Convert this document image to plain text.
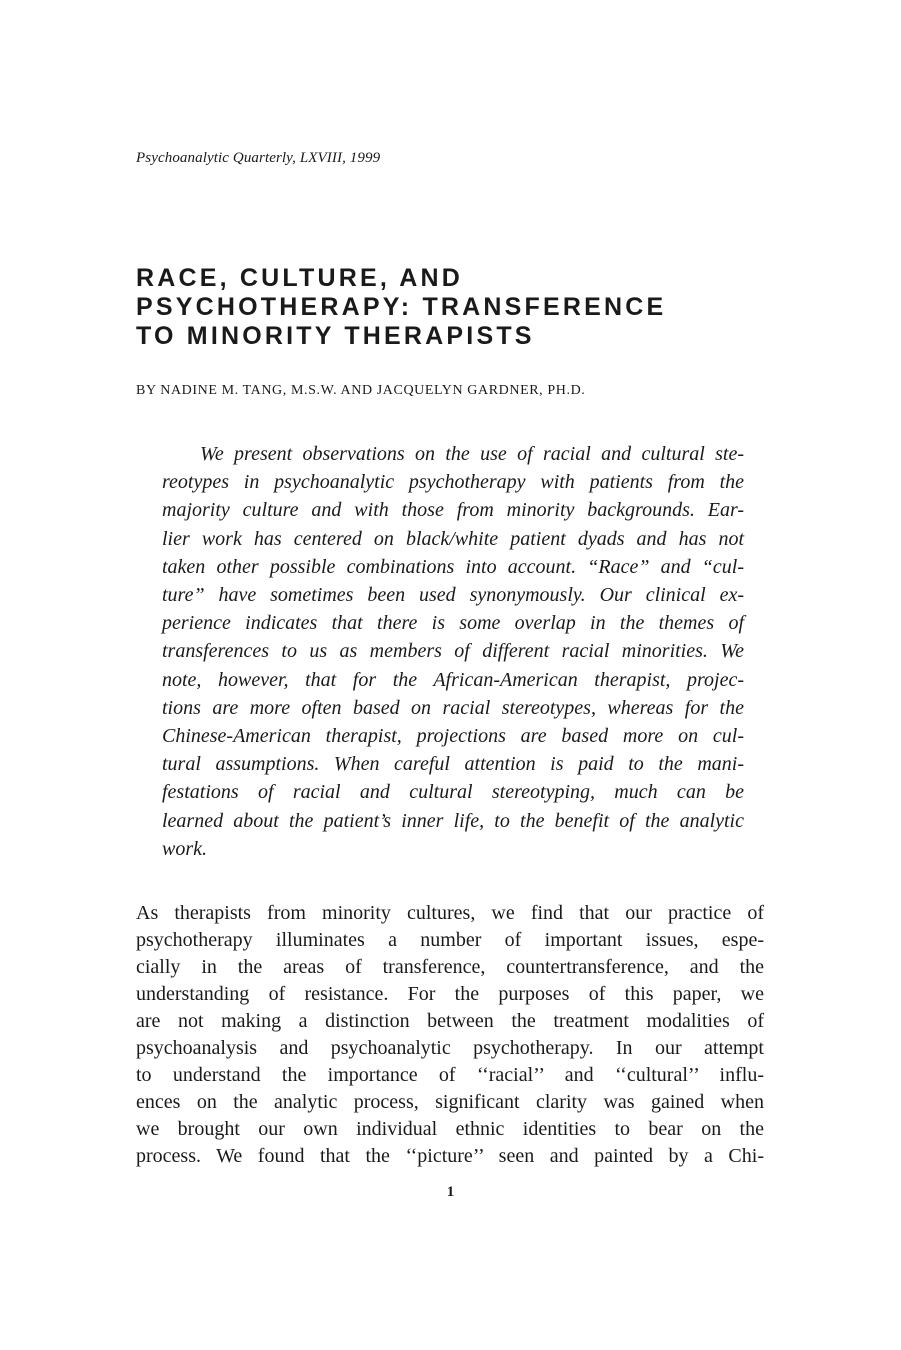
Psychoanalytic Quarterly, LXVIII, 1999
RACE, CULTURE, AND
PSYCHOTHERAPY: TRANSFERENCE
TO MINORITY THERAPISTS
BY NADINE M. TANG, M.S.W. AND JACQUELYN GARDNER, PH.D.
We present observations on the use of racial and cultural ste-
reotypes in psychoanalytic psychotherapy with patients from the
majority culture and with those from minority backgrounds. Ear-
lier work has centered on black/white patient dyads and has not
taken other possible combinations into account. “Race” and “cul-
ture” have sometimes been used synonymously. Our clinical ex-
perience indicates that there is some overlap in the themes of
transferences to us as members of different racial minorities. We
note, however, that for the African-American therapist, projec-
tions are more often based on racial stereotypes, whereas for the
Chinese-American therapist, projections are based more on cul-
tural assumptions. When careful attention is paid to the mani-
festations of racial and cultural stereotyping, much can be
learned about the patient’s inner life, to the benefit of the analytic
work.
As therapists from minority cultures, we find that our practice of
psychotherapy illuminates a number of important issues, espe-
cially in the areas of transference, countertransference, and the
understanding of resistance. For the purposes of this paper, we
are not making a distinction between the treatment modalities of
psychoanalysis and psychoanalytic psychotherapy. In our attempt
to understand the importance of ‘‘racial’’ and ‘‘cultural’’ influ-
ences on the analytic process, significant clarity was gained when
we brought our own individual ethnic identities to bear on the
process. We found that the ‘‘picture’’ seen and painted by a Chi-
1
